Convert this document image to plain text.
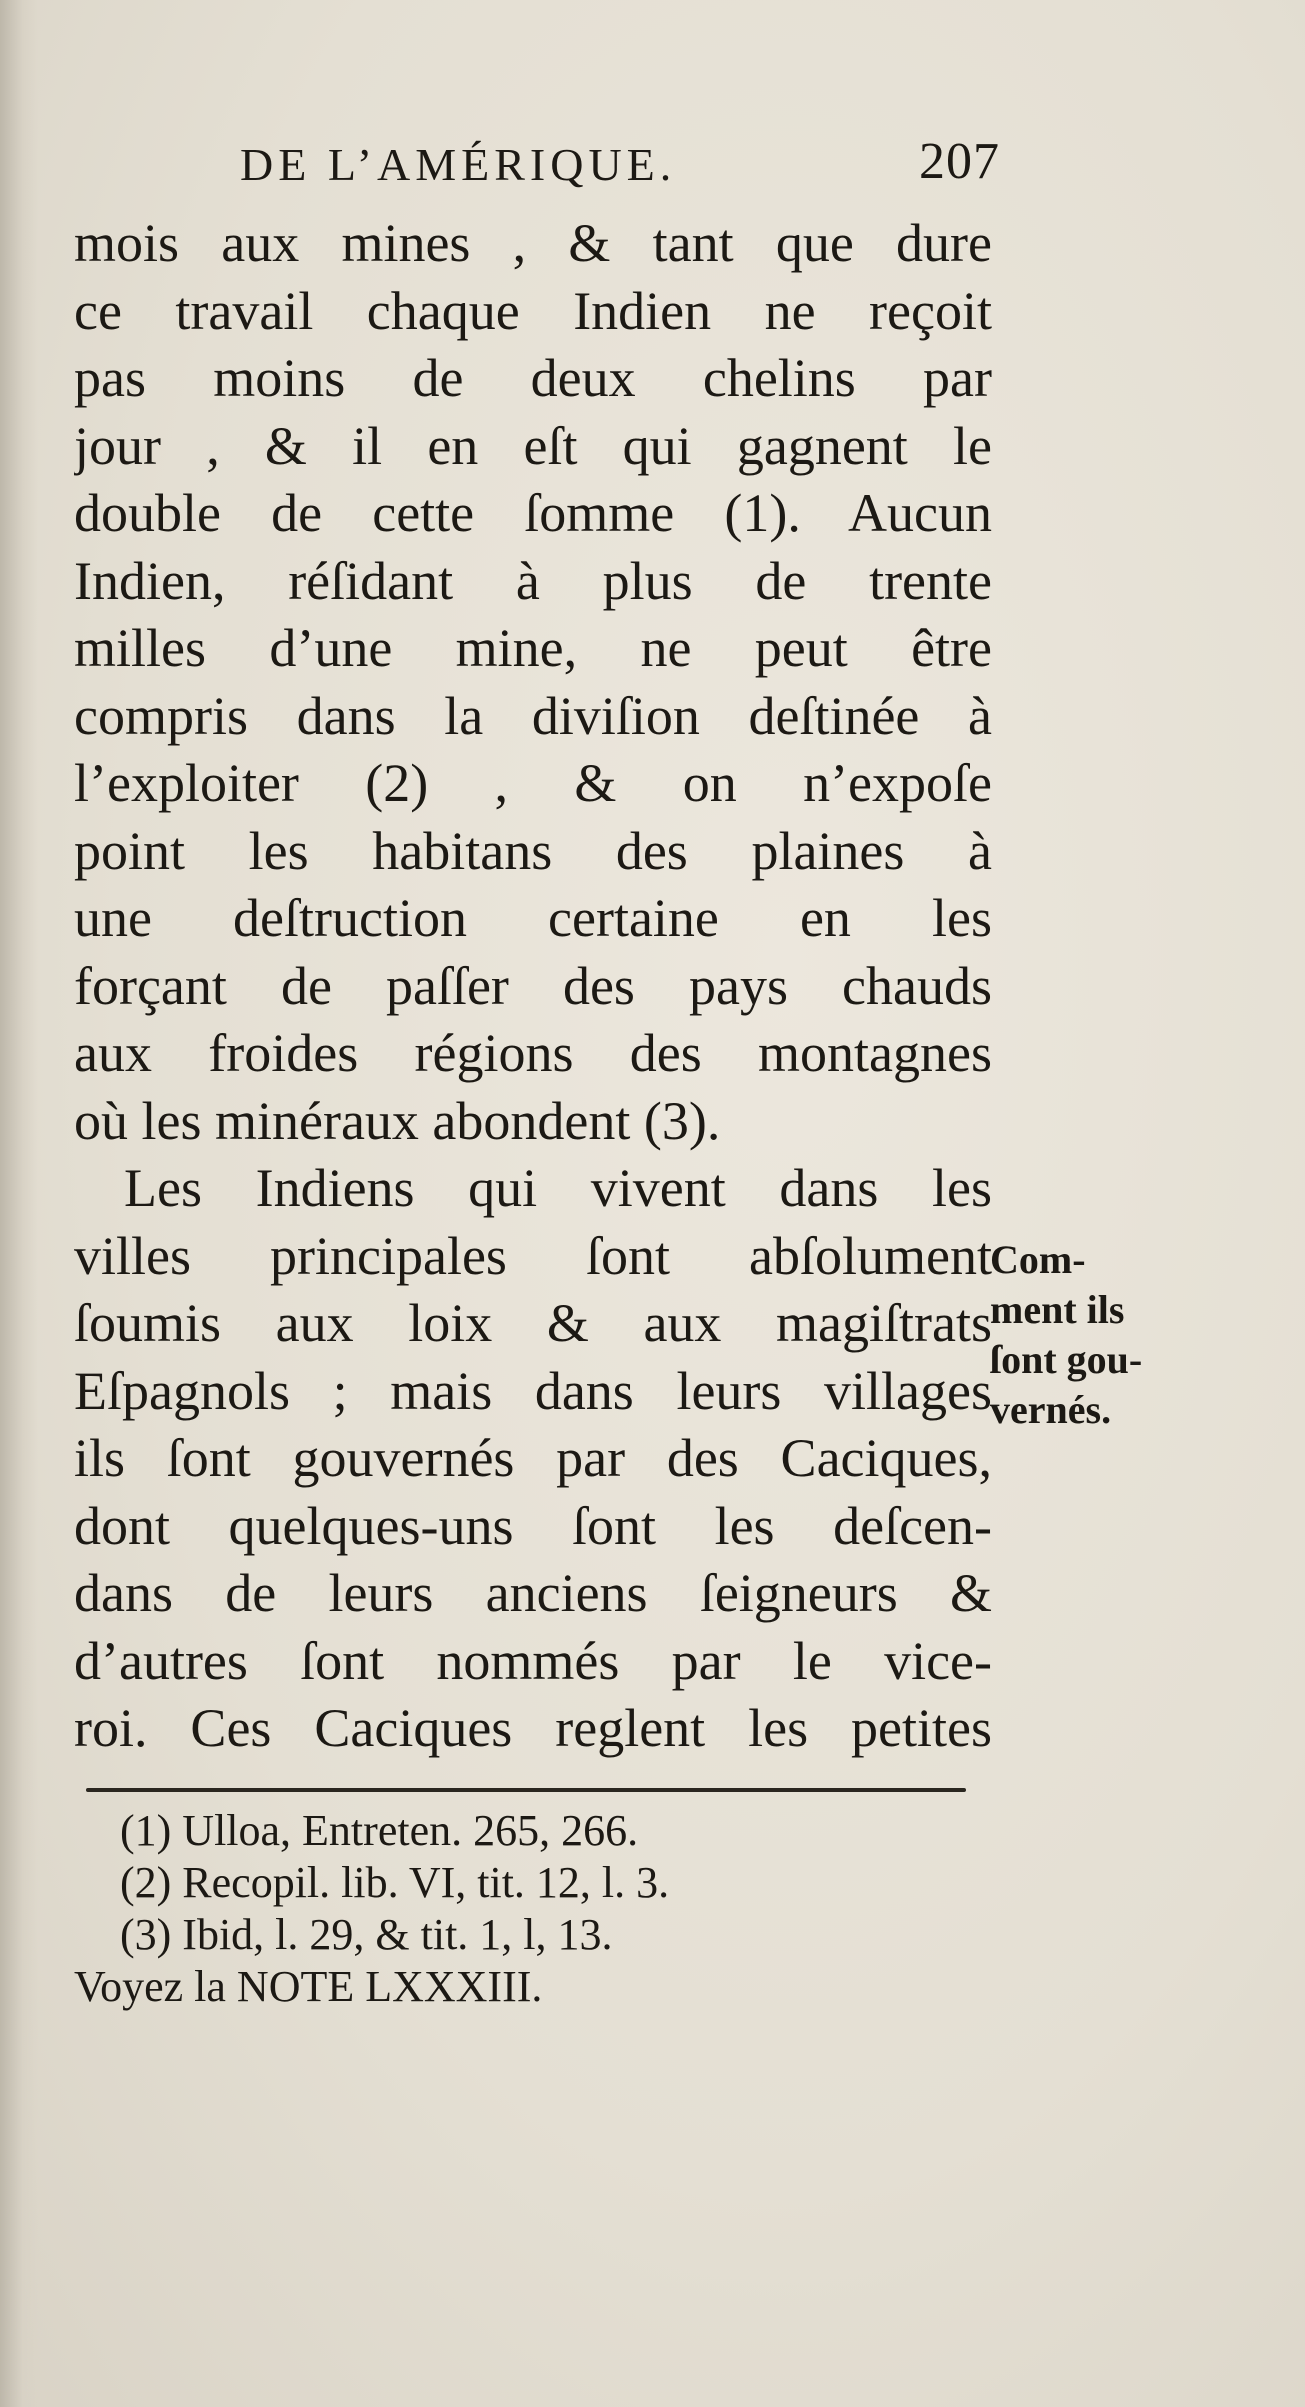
DE L’AMÉRIQUE.	207
mois aux mines , & tant que dure
ce travail chaque Indien ne reçoit
pas moins de deux chelins par
jour , & il en eſt qui gagnent le
double de cette ſomme (1). Aucun
Indien, réſidant à plus de trente
milles d’une mine, ne peut être
compris dans la diviſion deſtinée à
l’exploiter (2) , & on n’expoſe
point les habitans des plaines à
une deſtruction certaine en les
forçant de paſſer des pays chauds
aux froides régions des montagnes
où les minéraux abondent (3).
Les Indiens qui vivent dans les
villes principales ſont abſolument
ſoumis aux loix & aux magiſtrats
Eſpagnols ; mais dans leurs villages
ils ſont gouvernés par des Caciques,
dont quelques-uns ſont les deſcen-
dans de leurs anciens ſeigneurs &
d’autres ſont nommés par le vice-
roi. Ces Caciques reglent les petites
Com-
ment ils
ſont gou-
vernés.
(1) Ulloa, Entreten. 265, 266.
(2) Recopil. lib. VI, tit. 12, l. 3.
(3) Ibid, l. 29, & tit. 1, l, 13.
Voyez la NOTE LXXXIII.
